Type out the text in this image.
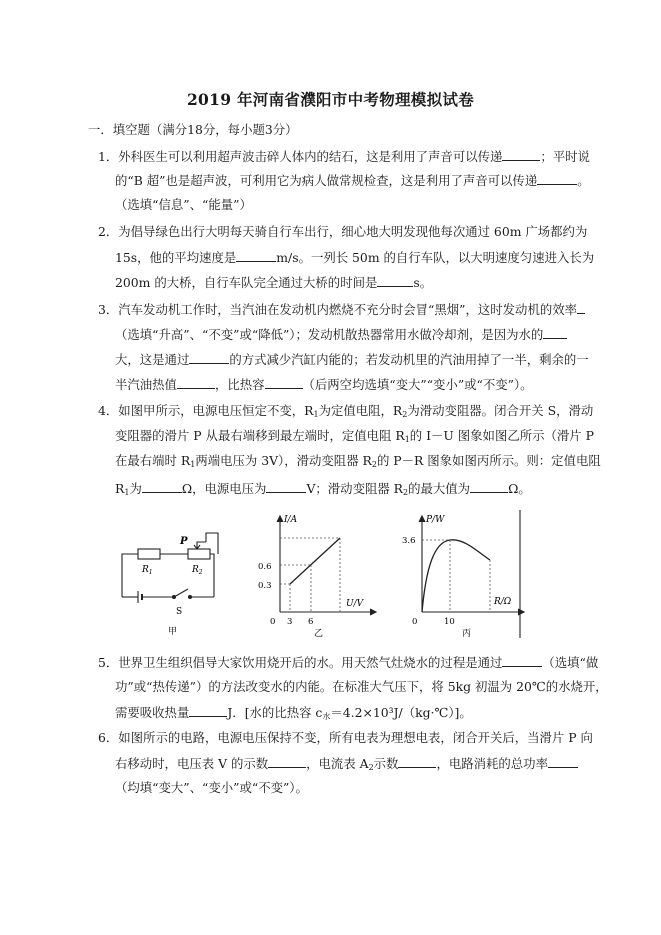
2019 年河南省濮阳市中考物理模拟试卷
一．填空题（满分18分，每小题3分）
1．外科医生可以利用超声波击碎人体内的结石，这是利用了声音可以传递	；平时说
的“B 超”也是超声波，可利用它为病人做常规检查，这是利用了声音可以传递	。
（选填“信息”、“能量”）
2．为倡导绿色出行大明每天骑自行车出行，细心地大明发现他每次通过 60m 广场都约为
15s，他的平均速度是	m/s。一列长 50m 的自行车队，以大明速度匀速进入长为
200m 的大桥，自行车队完全通过大桥的时间是	s。
3．汽车发动机工作时，当汽油在发动机内燃烧不充分时会冒“黑烟”，这时发动机的效率
（选填“升高”、“不变”或“降低”）；发动机散热器常用水做冷却剂，是因为水的
大，这是通过	的方式减少汽缸内能的；若发动机里的汽油用掉了一半，剩余的一
半汽油热值	，比热容	（后两空均选填“变大”“变小”或“不变”）。
4．如图甲所示，电源电压恒定不变，$R_1$为定值电阻，$R_2$为滑动变阻器。闭合开关 S，滑动
变阻器的滑片 P 从最右端移到最左端时，定值电阻 $R_1$的 I－U 图象如图乙所示（滑片 P
在最右端时 $R_1$两端电压为 3V），滑动变阻器 $R_2$的 P－R 图象如图丙所示。则：定值电阻
$R_1$为	Ω，电源电压为	V；滑动变阻器 $R_2$的最大值为	Ω。
P
$R_1$	$R_2$
S
甲
I/A
U/V
0.6
0.3
3 6
0
乙
P/W
R/Ω
3.6
10
0
丙
5．世界卫生组织倡导大家饮用烧开后的水。用天然气灶烧水的过程是通过	（选填“做
功”或“热传递”）的方法改变水的内能。在标准大气压下，将 5kg 初温为 20℃的水烧开，
需要吸收热量	J．[水的比热容 $c_水=4.2\times 10^3J/(kg\cdot℃)$]。
6．如图所示的电路，电源电压保持不变，所有电表为理想电表，闭合开关后，当滑片 P 向
右移动时，电压表 V 的示数	，电流表 $A_2$示数	，电路消耗的总功率
（均填“变大”、“变小”或“不变”）。
